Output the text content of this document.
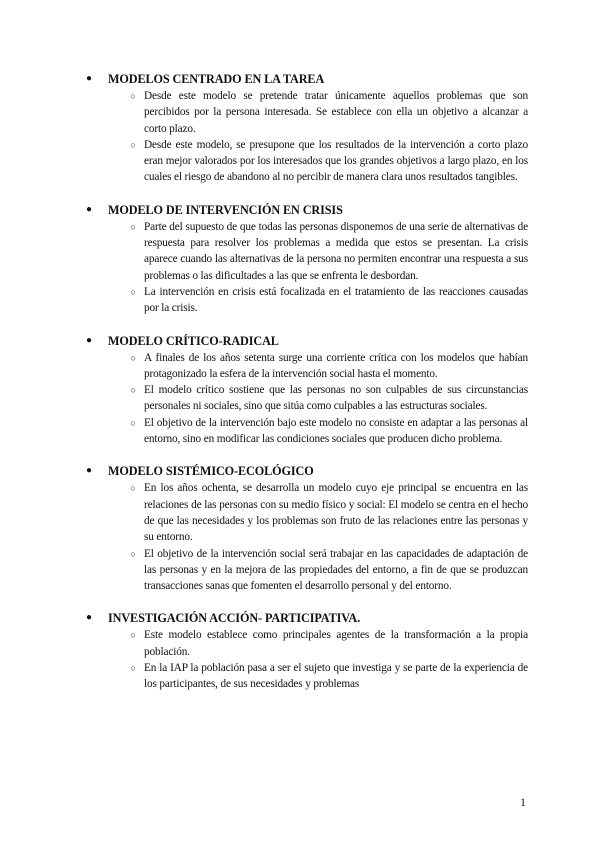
● MODELOS CENTRADO EN LA TAREA
○ Desde este modelo se pretende tratar únicamente aquellos problemas que son percibidos por la persona interesada. Se establece con ella un objetivo a alcanzar a corto plazo.
○ Desde este modelo, se presupone que los resultados de la intervención a corto plazo eran mejor valorados por los interesados que los grandes objetivos a largo plazo, en los cuales el riesgo de abandono al no percibir de manera clara unos resultados tangibles.
● MODELO DE INTERVENCIÓN EN CRISIS
○ Parte del supuesto de que todas las personas disponemos de una serie de alternativas de respuesta para resolver los problemas a medida que estos se presentan. La crisis aparece cuando las alternativas de la persona no permiten encontrar una respuesta a sus problemas o las dificultades a las que se enfrenta le desbordan.
○ La intervención en crisis está focalizada en el tratamiento de las reacciones causadas por la crisis.
● MODELO CRÍTICO-RADICAL
○ A finales de los años setenta surge una corriente crítica con los modelos que habían protagonizado la esfera de la intervención social hasta el momento.
○ El modelo crítico sostiene que las personas no son culpables de sus circunstancias personales ni sociales, sino que sitúa como culpables a las estructuras sociales.
○ El objetivo de la intervención bajo este modelo no consiste en adaptar a las personas al entorno, sino en modificar las condiciones sociales que producen dicho problema.
● MODELO SISTÉMICO-ECOLÓGICO
○ En los años ochenta, se desarrolla un modelo cuyo eje principal se encuentra en las relaciones de las personas con su medio físico y social: El modelo se centra en el hecho de que las necesidades y los problemas son fruto de las relaciones entre las personas y su entorno.
○ El objetivo de la intervención social será trabajar en las capacidades de adaptación de las personas y en la mejora de las propiedades del entorno, a fin de que se produzcan transacciones sanas que fomenten el desarrollo personal y del entorno.
● INVESTIGACIÓN ACCIÓN- PARTICIPATIVA.
○ Este modelo establece como principales agentes de la transformación a la propia población.
○ En la IAP la población pasa a ser el sujeto que investiga y se parte de la experiencia de los participantes, de sus necesidades y problemas
1
